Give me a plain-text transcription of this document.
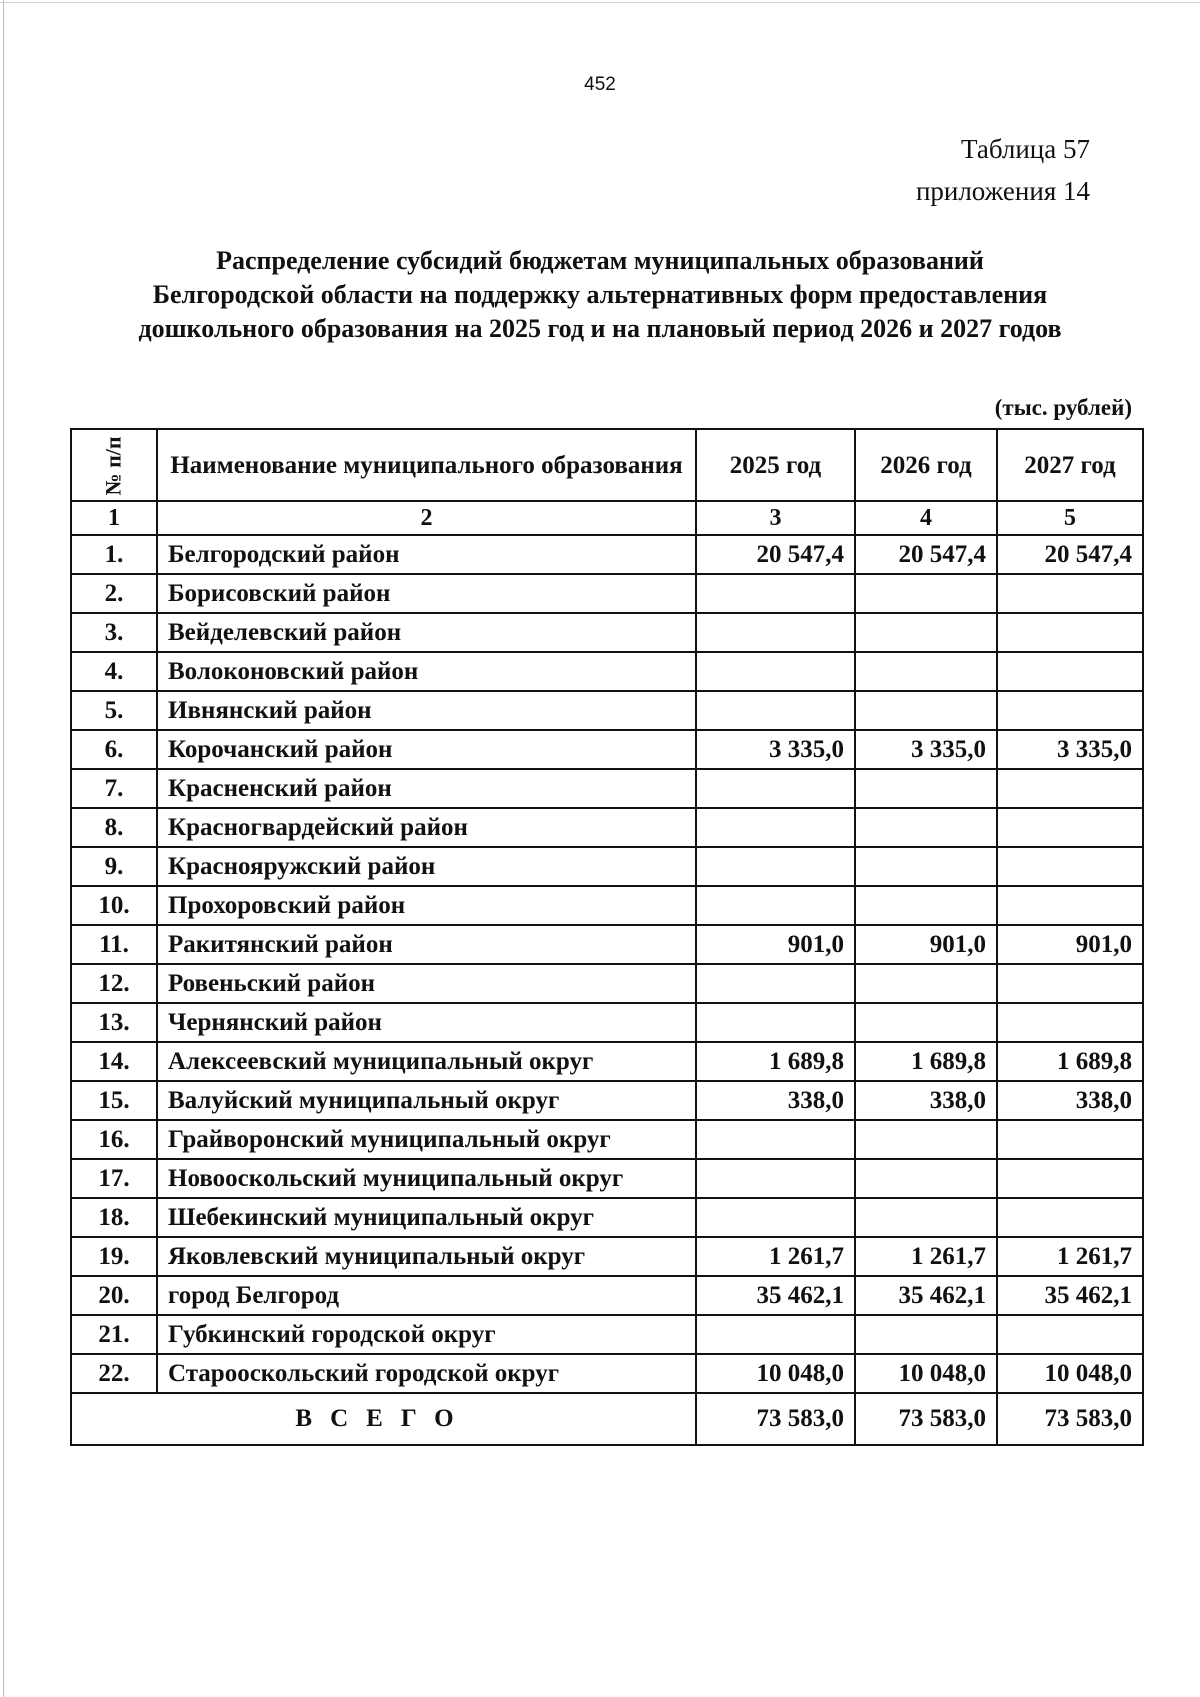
452
Таблица 57
приложения 14
Распределение субсидий бюджетам муниципальных образований
Белгородской области на поддержку альтернативных форм предоставления
дошкольного образования на 2025 год и на плановый период 2026 и 2027 годов
(тыс. рублей)
№ п/п	Наименование муниципального образования	2025 год	2026 год	2027 год
1	2	3	4	5
1.	Белгородский район	20 547,4	20 547,4	20 547,4
2.	Борисовский район			
3.	Вейделевский район			
4.	Волоконовский район			
5.	Ивнянский район			
6.	Корочанский район	3 335,0	3 335,0	3 335,0
7.	Красненский район			
8.	Красногвардейский район			
9.	Краснояружский район			
10.	Прохоровский район			
11.	Ракитянский район	901,0	901,0	901,0
12.	Ровеньский район			
13.	Чернянский район			
14.	Алексеевский муниципальный округ	1 689,8	1 689,8	1 689,8
15.	Валуйский муниципальный округ	338,0	338,0	338,0
16.	Грайворонский муниципальный округ			
17.	Новооскольский муниципальный округ			
18.	Шебекинский муниципальный округ			
19.	Яковлевский муниципальный округ	1 261,7	1 261,7	1 261,7
20.	город Белгород	35 462,1	35 462,1	35 462,1
21.	Губкинский городской округ			
22.	Старооскольский городской округ	10 048,0	10 048,0	10 048,0
ВСЕГО		73 583,0	73 583,0	73 583,0
